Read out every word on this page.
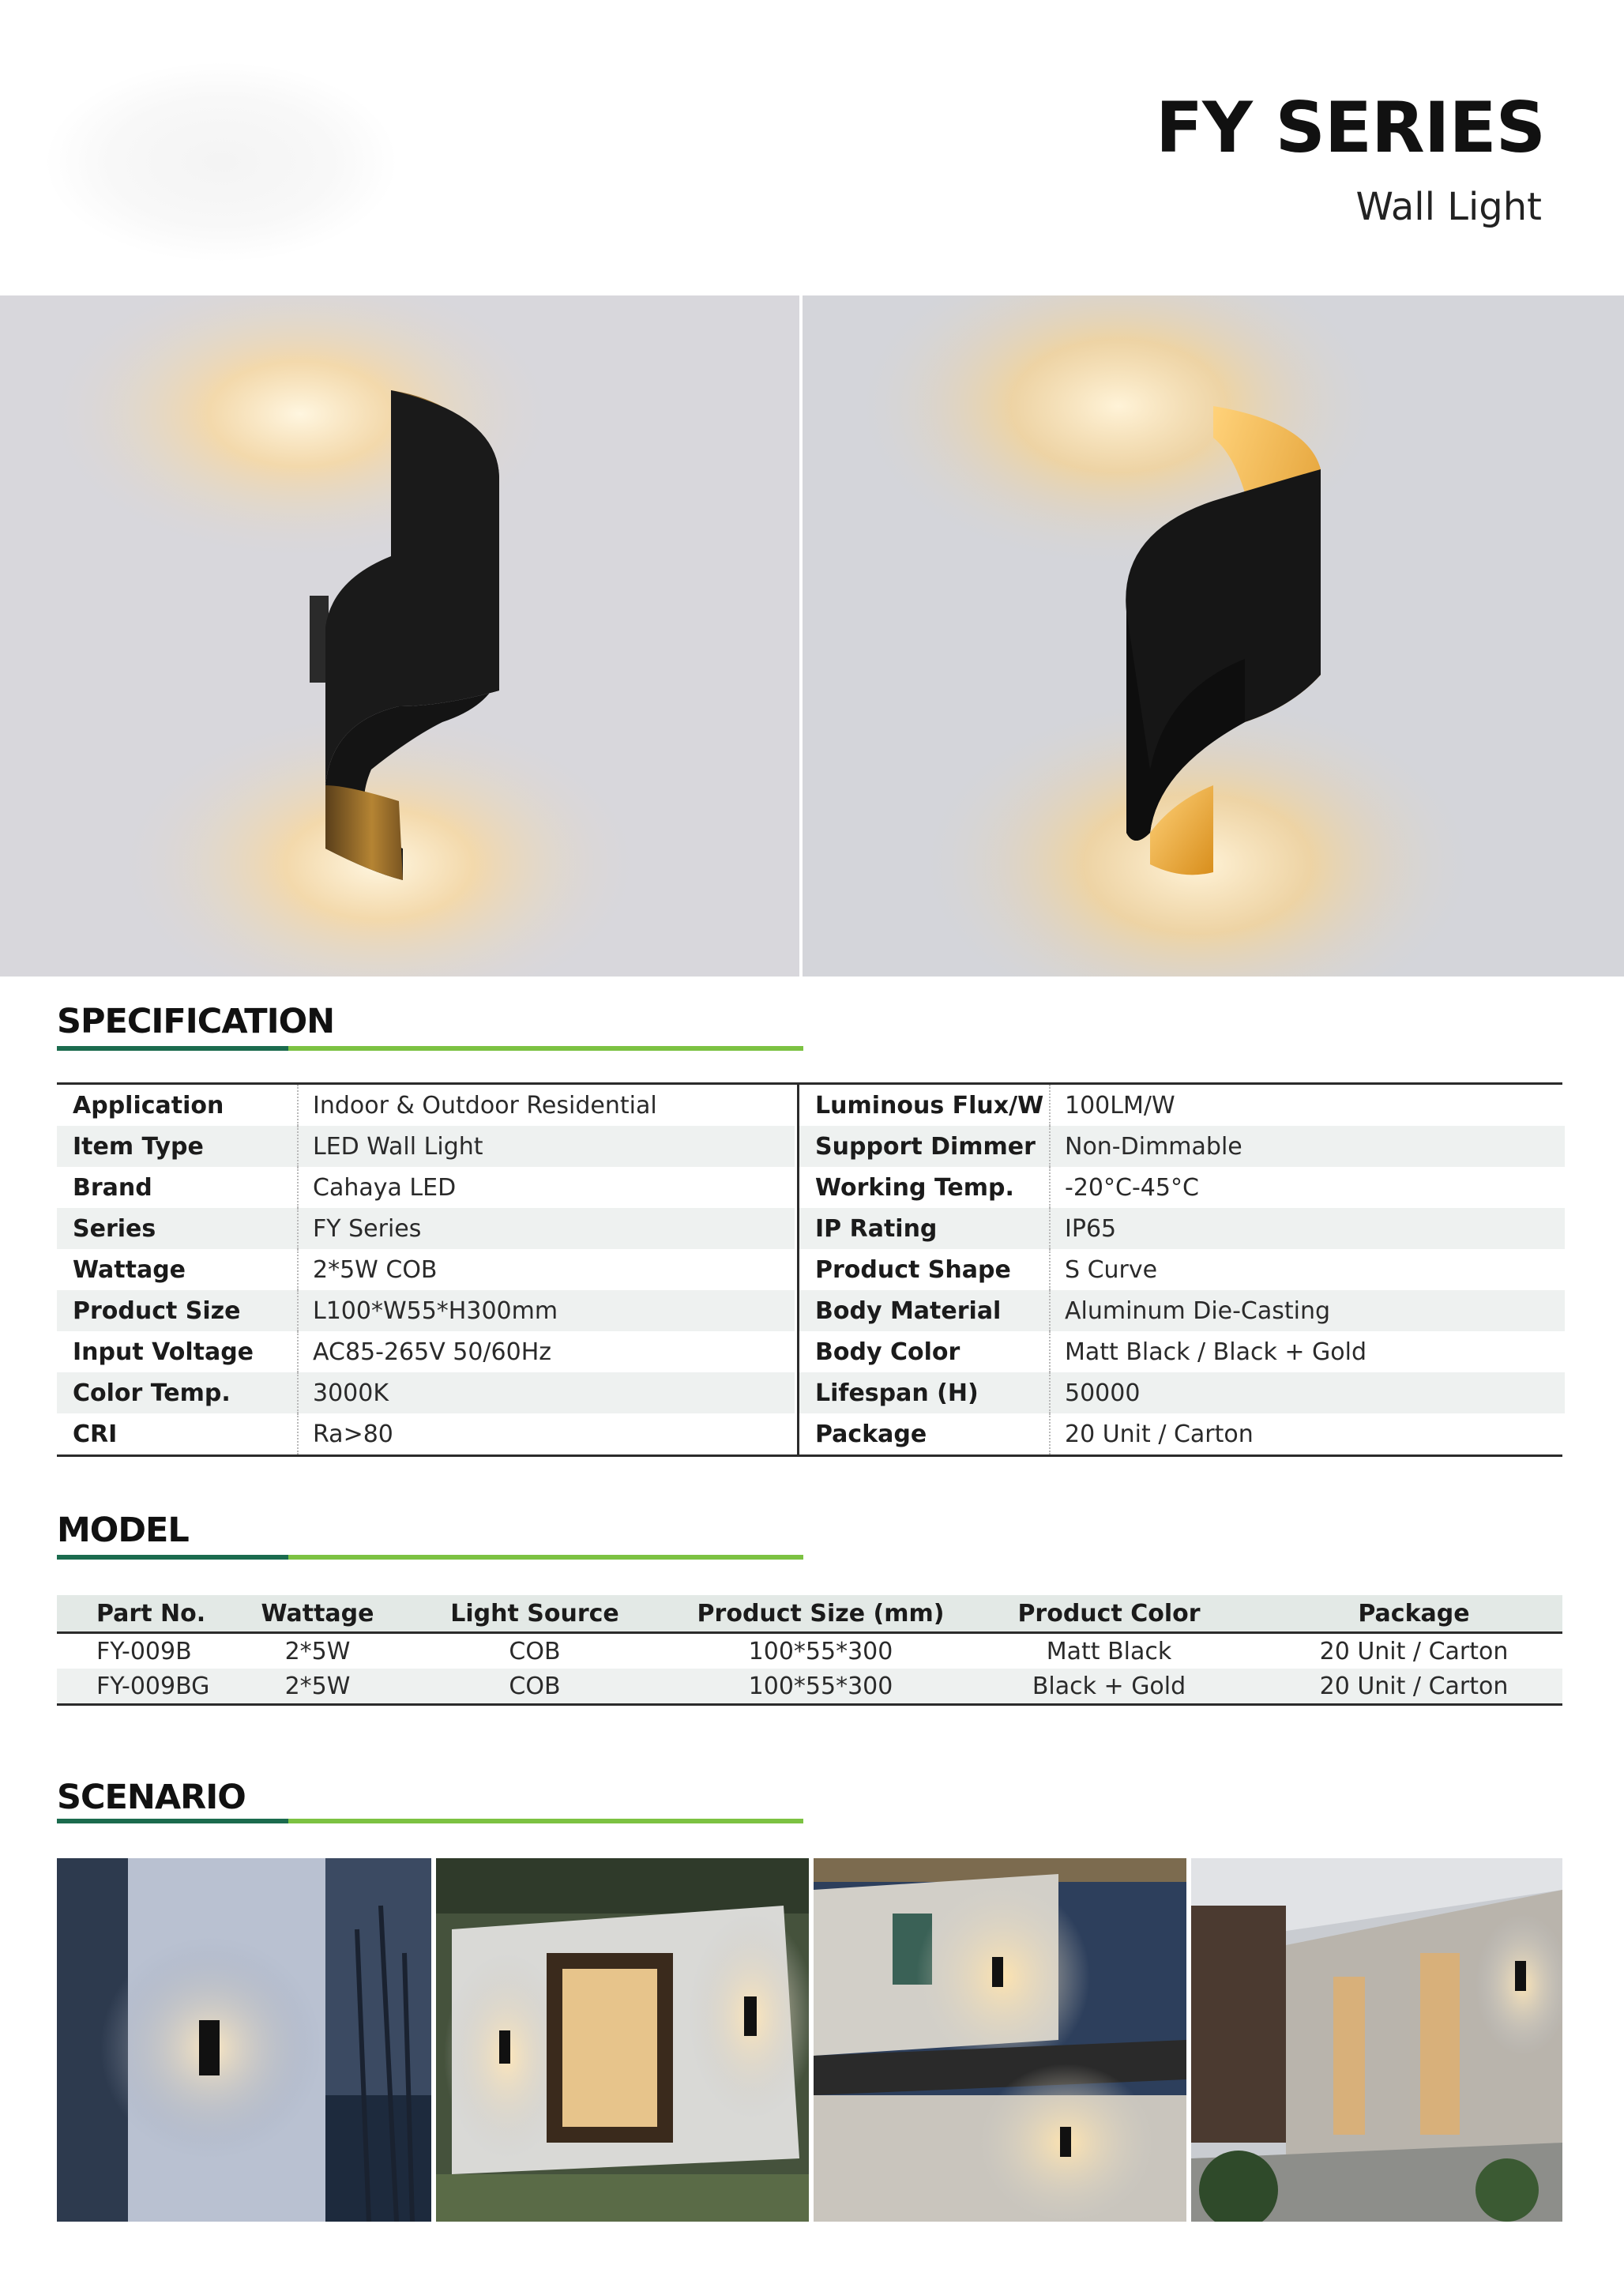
FY SERIES
Wall Light
SPECIFICATION
Application	Indoor & Outdoor Residential
Item Type	LED Wall Light
Brand	Cahaya LED
Series	FY Series
Wattage	2*5W COB
Product Size	L100*W55*H300mm
Input Voltage	AC85-265V 50/60Hz
Color Temp.	3000K
CRI	Ra>80
Luminous Flux/W 100LM/W
Support Dimmer	Non-Dimmable
Working Temp.	-20°C-45°C
IP Rating	IP65
Product Shape	S Curve
Body Material	Aluminum Die-Casting
Body Color	Matt Black / Black + Gold
Lifespan (H)	50000
Package	20 Unit / Carton
MODEL
Part No.	Wattage	Light Source	Product Size (mm)	Product Color	Package
FY-009B	2*5W	COB	100*55*300	Matt Black	20 Unit / Carton
FY-009BG	2*5W	COB	100*55*300	Black + Gold	20 Unit / Carton
SCENARIO
